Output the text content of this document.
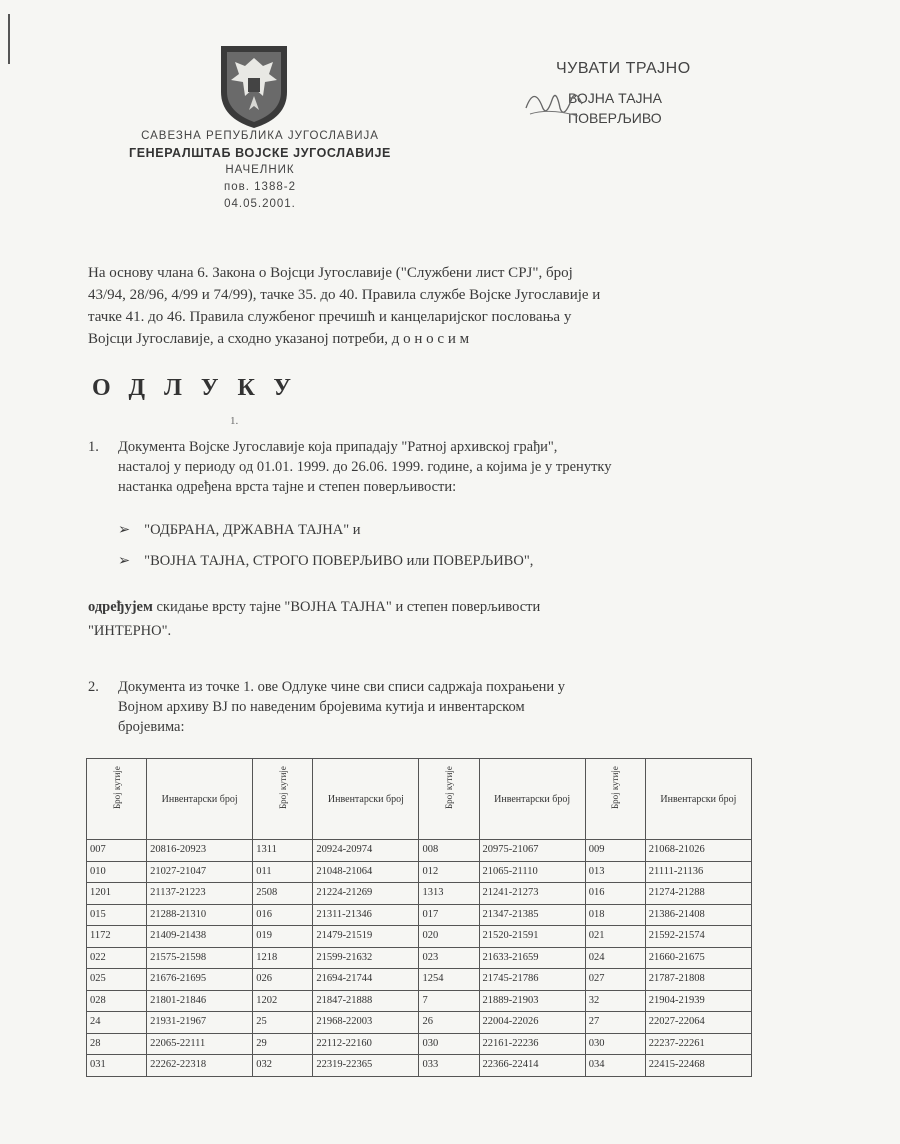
САВЕЗНА РЕПУБЛИКА ЈУГОСЛАВИЈА
ГЕНЕРАЛШТАБ ВОЈСКЕ ЈУГОСЛАВИЈЕ
НАЧЕЛНИК
пов. 1388-2
04.05.2001.
ЧУВАТИ ТРАЈНО
ВОЈНА ТАЈНА
ПОВЕРЉИВО
На основу члана 6. Закона о Војсци Југославије ("Службени лист СРЈ", број
43/94, 28/96, 4/99 и 74/99), тачке 35. до 40. Правила службе Војске Југославије и
тачке 41. до 46. Правила службеног пречишћ и канцеларијског пословања у
Војсци Југославије, а сходно указаној потреби, д о н о с и м
ОДЛУКУ
1.
1. Документа Војске Југославије која припадају "Ратној архивској грађи",
насталој у периоду од 01.01. 1999. до 26.06. 1999. године, а којима је у тренутку
настанка одређена врста тајне и степен поверљивости:
➢ "ОДБРАНА, ДРЖАВНА ТАЈНА" и
➢ "ВОЈНА ТАЈНА, СТРОГО ПОВЕРЉИВО или ПОВЕРЉИВО",
одређујем скидање врсту тајне "ВОЈНА ТАЈНА" и степен поверљивости
"ИНТЕРНО".
2. Документа из точке 1. ове Одлуке чине сви списи садржаја похрањени у
Војном архиву ВЈ по наведеним бројевима кутија и инвентарском
бројевима:
Број кутије	Инвентарски број	Број кутије	Инвентарски број	Број кутије	Инвентарски број	Број кутије	Инвентарски број
007	20816-20923	1311	20924-20974	008	20975-21067	009	21068-21026
010	21027-21047	011	21048-21064	012	21065-21110	013	21111-21136
1201	21137-21223	2508	21224-21269	1313	21241-21273	016	21274-21288
015	21288-21310	016	21311-21346	017	21347-21385	018	21386-21408
1172	21409-21438	019	21479-21519	020	21520-21591	021	21592-21574
022	21575-21598	1218	21599-21632	023	21633-21659	024	21660-21675
025	21676-21695	026	21694-21744	1254	21745-21786	027	21787-21808
028	21801-21846	1202	21847-21888	7	21889-21903	32	21904-21939
24	21931-21967	25	21968-22003	26	22004-22026	27	22027-22064
28	22065-22111	29	22112-22160	030	22161-22236	030	22237-22261
031	22262-22318	032	22319-22365	033	22366-22414	034	22415-22468
